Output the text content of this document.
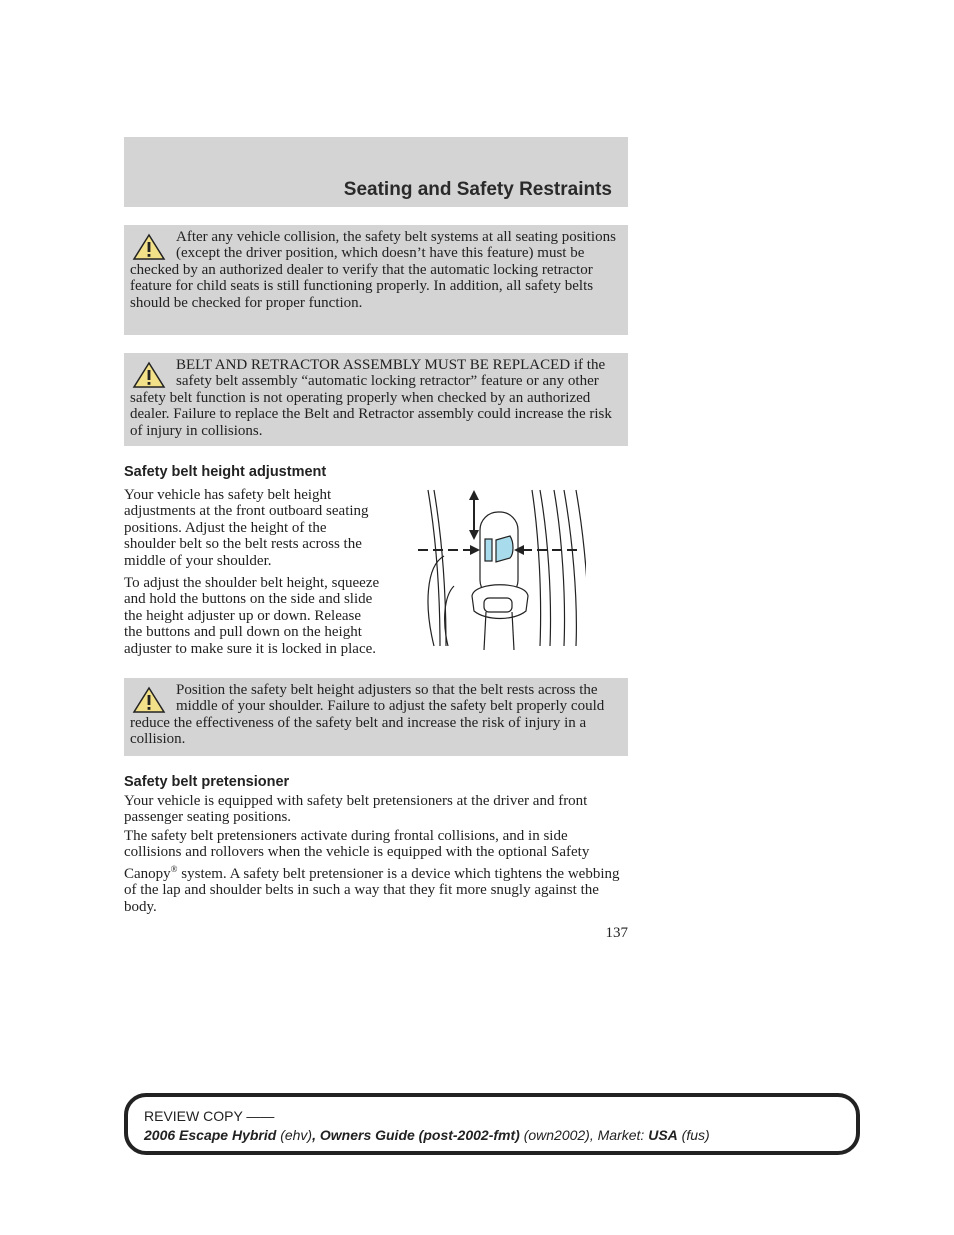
Seating and Safety Restraints

After any vehicle collision, the safety belt systems at all seating positions (except the driver position, which doesn’t have this feature) must be checked by an authorized dealer to verify that the automatic locking retractor feature for child seats is still functioning properly. In addition, all safety belts should be checked for proper function.

BELT AND RETRACTOR ASSEMBLY MUST BE REPLACED if the safety belt assembly “automatic locking retractor” feature or any other safety belt function is not operating properly when checked by an authorized dealer. Failure to replace the Belt and Retractor assembly could increase the risk of injury in collisions.

Safety belt height adjustment

Your vehicle has safety belt height adjustments at the front outboard seating positions. Adjust the height of the shoulder belt so the belt rests across the middle of your shoulder.

To adjust the shoulder belt height, squeeze and hold the buttons on the side and slide the height adjuster up or down. Release the buttons and pull down on the height adjuster to make sure it is locked in place.

Position the safety belt height adjusters so that the belt rests across the middle of your shoulder. Failure to adjust the safety belt properly could reduce the effectiveness of the safety belt and increase the risk of injury in a collision.

Safety belt pretensioner

Your vehicle is equipped with safety belt pretensioners at the driver and front passenger seating positions.

The safety belt pretensioners activate during frontal collisions, and in side collisions and rollovers when the vehicle is equipped with the optional Safety Canopy® system. A safety belt pretensioner is a device which tightens the webbing of the lap and shoulder belts in such a way that they fit more snugly against the body.

137

REVIEW COPY ——
2006 Escape Hybrid (ehv), Owners Guide (post-2002-fmt) (own2002), Market: USA (fus)
